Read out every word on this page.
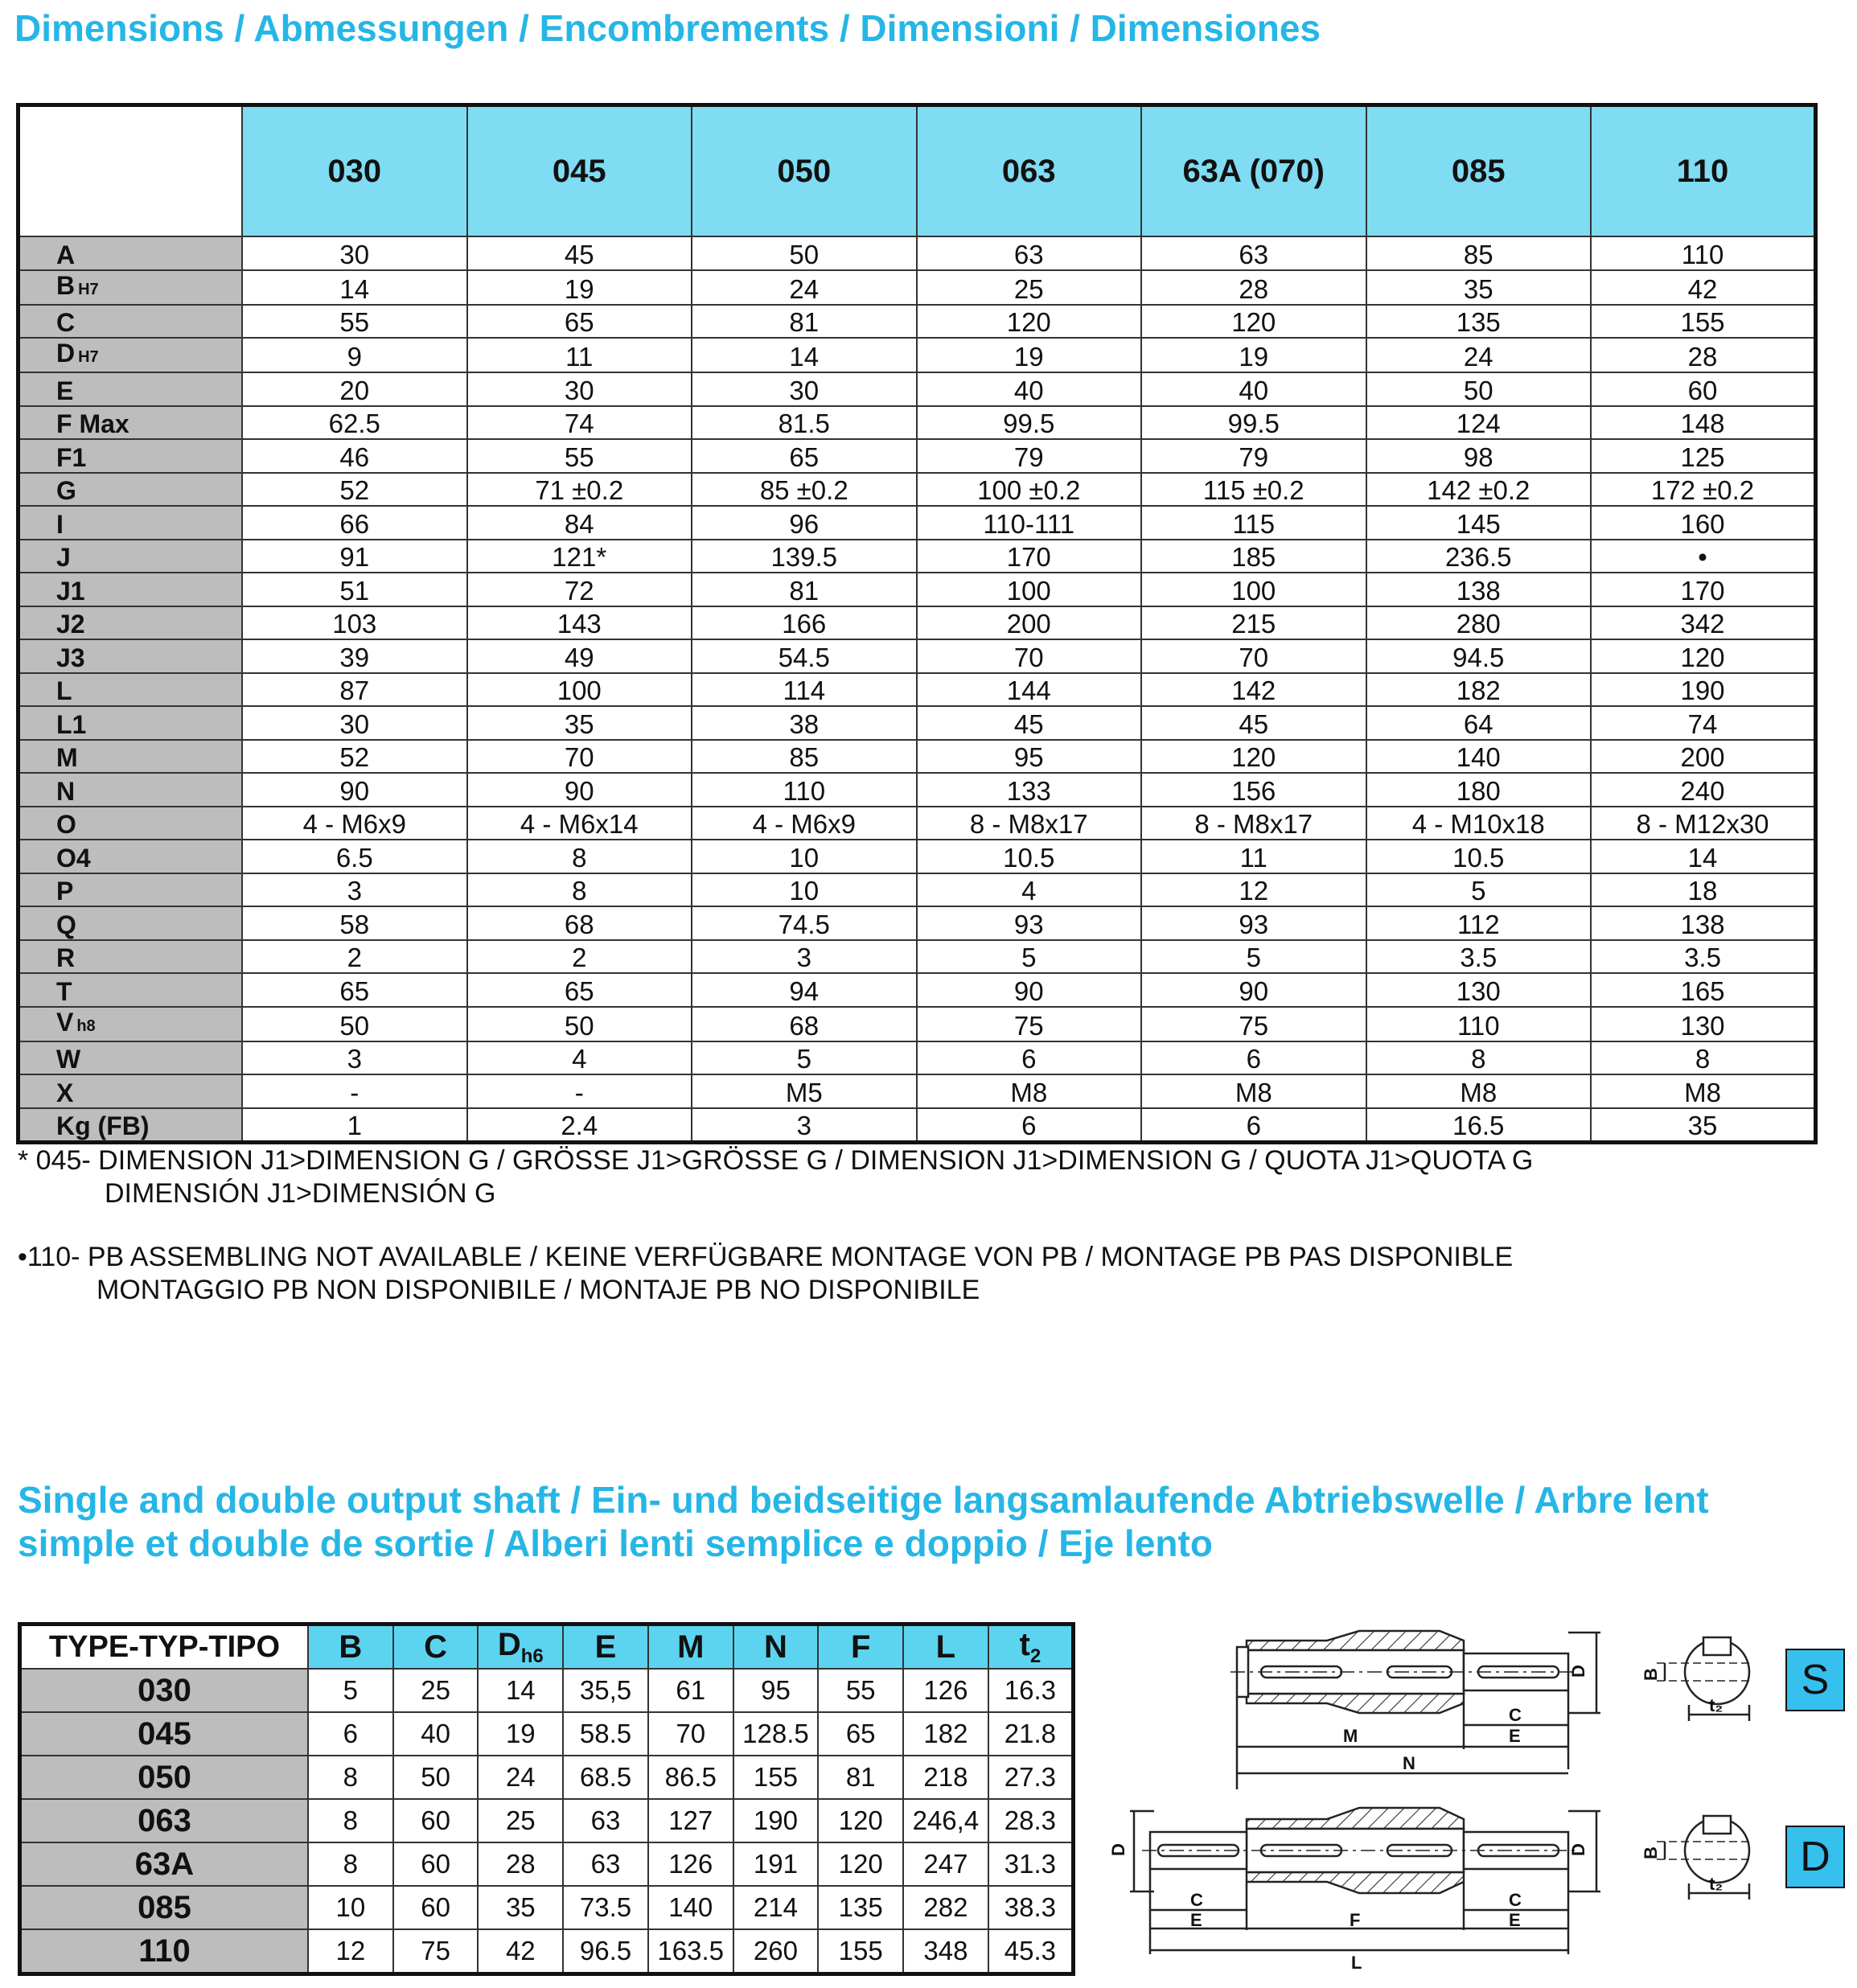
Dimensions / Abmessungen / Encombrements / Dimensioni / Dimensiones
	030	045	050	063	63A (070)	085	110
A	30	45	50	63	63	85	110
B H7	14	19	24	25	28	35	42
C	55	65	81	120	120	135	155
D H7	9	11	14	19	19	24	28
E	20	30	30	40	40	50	60
F Max	62.5	74	81.5	99.5	99.5	124	148
F1	46	55	65	79	79	98	125
G	52	71 ±0.2	85 ±0.2	100 ±0.2	115 ±0.2	142 ±0.2	172 ±0.2
I	66	84	96	110-111	115	145	160
J	91	121*	139.5	170	185	236.5	•
J1	51	72	81	100	100	138	170
J2	103	143	166	200	215	280	342
J3	39	49	54.5	70	70	94.5	120
L	87	100	114	144	142	182	190
L1	30	35	38	45	45	64	74
M	52	70	85	95	120	140	200
N	90	90	110	133	156	180	240
O	4 - M6x9	4 - M6x14	4 - M6x9	8 - M8x17	8 - M8x17	4 - M10x18	8 - M12x30
O4	6.5	8	10	10.5	11	10.5	14
P	3	8	10	4	12	5	18
Q	58	68	74.5	93	93	112	138
R	2	2	3	5	5	3.5	3.5
T	65	65	94	90	90	130	165
V h8	50	50	68	75	75	110	130
W	3	4	5	6	6	8	8
X	-	-	M5	M8	M8	M8	M8
Kg (FB)	1	2.4	3	6	6	16.5	35
* 045- DIMENSION J1>DIMENSION G / GRÖSSE J1>GRÖSSE G / DIMENSION J1>DIMENSION G / QUOTA J1>QUOTA G
DIMENSIÓN J1>DIMENSIÓN G
•110- PB ASSEMBLING NOT AVAILABLE / KEINE VERFÜGBARE MONTAGE VON PB / MONTAGE PB PAS DISPONIBLE
MONTAGGIO PB NON DISPONIBILE / MONTAJE PB NO DISPONIBILE
Single and double output shaft / Ein- und beidseitige langsamlaufende Abtriebswelle / Arbre lent simple et double de sortie / Alberi lenti semplice e doppio / Eje lento
TYPE-TYP-TIPO	B	C	$D_{h6}$	E	M	N	F	L	$t_2$
030	5	25	14	35,5	61	95	55	126	16.3
045	6	40	19	58.5	70	128.5	65	182	21.8
050	8	50	24	68.5	86.5	155	81	218	27.3
063	8	60	25	63	127	190	120	246,4	28.3
63A	8	60	28	63	126	191	120	247	31.3
085	10	60	35	73.5	140	214	135	282	38.3
110	12	75	42	96.5	163.5	260	155	348	45.3
C
E
M
N
D	B
t₂
C
E
C
E
F
L
D	D	B
t₂
S
D
